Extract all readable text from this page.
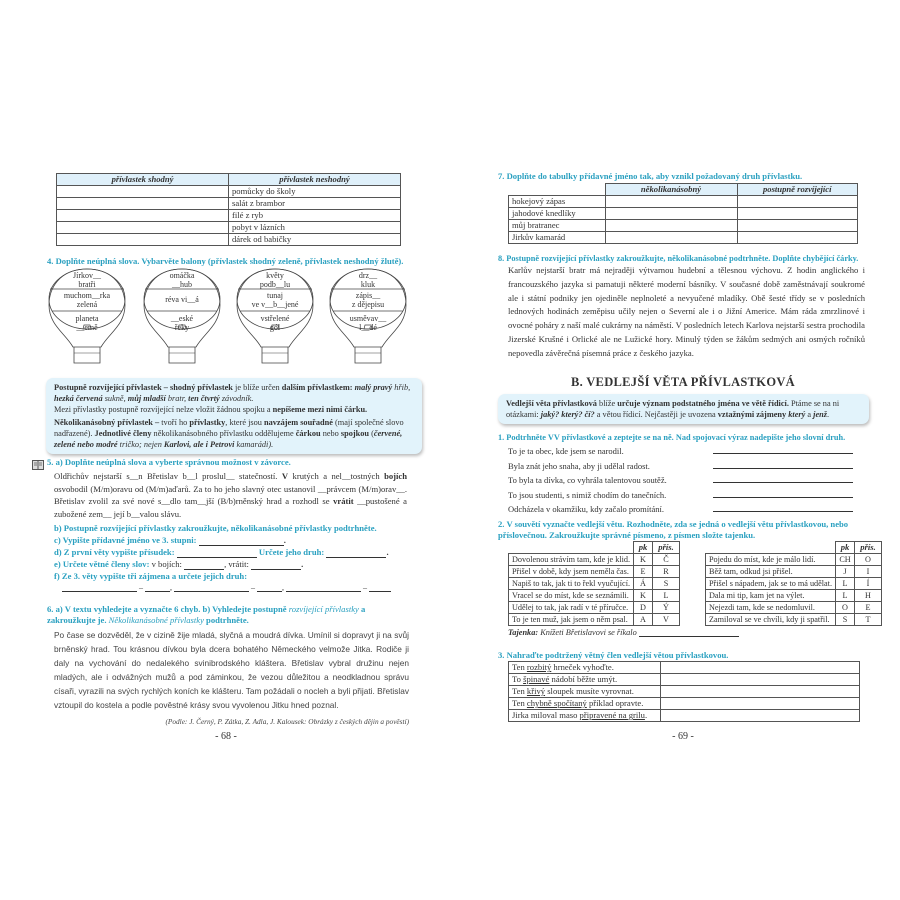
přívlastek shodný	přívlastek neshodný
	pomůcky do školy
	salát z brambor
	filé z ryb
	pobyt v lázních
	dárek od babičky
4. Doplňte neúplná slova. Vybarvěte balony (přívlastek shodný zeleně, přívlastek neshodný žlutě).
Jírkov__
bratři
muchom__rka
zelená
planeta
__emě
omáčka
__hub
réva vi__á
__eské
řeky
květy
podb__lu
tunaj
ve v__b__jené
vstřelené
gól
drz__
kluk
zápis__
z dějepisu
usměvav__
l__dé
Postupně rozvíjející přívlastek – shodný přívlastek je blíže určen dalším přívlastkem: malý pravý hřib, hezká červená sukně, můj mladší bratr, ten čtvrtý závodník.
Mezi přívlastky postupně rozvíjející nelze vložit žádnou spojku a nepíšeme mezi nimi čárku.
Několikanásobný přívlastek – tvoří ho přívlastky, které jsou navzájem souřadné (mají společné slovo nadřazené). Jednotlivé členy několikanásobného přívlastku oddělujeme čárkou nebo spojkou (červené, zelené nebo modré tričko; nejen Karlovi, ale i Petrovi kamarádi).
5. a) Doplňte neúplná slova a vyberte správnou možnost v závorce.
Oldřichův nejstarší s__n Břetislav b__l proslul__ statečností. V krutých a nel__tostných bojích osvobodil (M/m)oravu od (M/m)aďarů. Za to ho jeho slavný otec ustanovil __právcem (M/m)orav__. Břetislav zvolil za své nové s__dlo tam__jší (B/b)rněnský hrad a rozhodl se vrátit __pustošené a zubožené zem__ její b__valou slávu.
b) Postupně rozvíjející přívlastky zakroužkujte, několikanásobné přívlastky podtrhněte.
c) Vypište přídavné jméno ve 3. stupni:	.
d) Z první věty vypište přísudek:	Určete jeho druh:	.
e) Určete větné členy slov: v bojích:	, vrátit:	.
f) Ze 3. věty vypište tři zájmena a určete jejich druh:
–	,	–	,	–
6. a) V textu vyhledejte a vyznačte 6 chyb. b) Vyhledejte postupně rozvíjející přívlastky a zakroužkujte je. Několikanásobné přívlastky podtrhněte.
Po čase se dozvěděl, že v cizině žije mladá, slyčná a moudrá dívka. Umínil si dopravyt ji na svůj brněnský hrad. Tou krásnou dívkou byla dcera bohatého Německého velmože Jitka. Rodiče ji daly na vychování do nedalekého svinibrodského kláštera. Břetislav vybral družinu nejen mladých, ale i odvážných mužů a pod záminkou, že vezou důležitou a neodkladnou správu císaři, vyrazili na svých rychlých koních ke klášteru. Tam požádali o nocleh a byli přijati. Břetislav vztoupil do kostela a podle pověstné krásy svou vyvolenou Jitku hned poznal.
(Podle: J. Černý, P. Zátka, Z. Adla, J. Kalousek: Obrázky z českých dějin a pověstí)
- 68 -
7. Doplňte do tabulky přídavné jméno tak, aby vznikl požadovaný druh přívlastku.
	několikanásobný	postupně rozvíjející
hokejový zápas		
jahodové knedlíky		
můj bratranec		
Jirkův kamarád		
8. Postupně rozvíjející přívlastky zakroužkujte, několikanásobné podtrhněte. Doplňte chybějící čárky.
Karlův nejstarší bratr má nejraději výtvarnou hudební a tělesnou výchovu. Z hodin anglického i francouzského jazyka si pamatuji některé moderní básníky. V současné době zaměstnávají soukromé ale i státní podniky jen ojediněle neplnoleté a nevyučené mladíky. Obě šesté třídy se v posledních lednových hodinách zeměpisu učily nejen o Severní ale i o Jižní Americe. Mám ráda zmrzlinové i ovocné poháry z naší malé cukrárny na náměstí. V posledních letech Karlova nejstarší sestra prochodila Jizerské Krušné i Orlické ale ne Lužické hory. Minulý týden se žákům sedmých ani osmých ročníků nepovedla závěrečná písemná práce z českého jazyka.
B. VEDLEJŠÍ VĚTA PŘÍVLASTKOVÁ
Vedlejší věta přívlastková blíže určuje význam podstatného jména ve větě řídicí. Ptáme se na ni otázkami: jaký? který? čí? a větou řídicí. Nejčastěji je uvozena vztažnými zájmeny který a jenž.
1. Podtrhněte VV přívlastkové a zeptejte se na ně. Nad spojovací výraz nadepište jeho slovní druh.
To je ta obec, kde jsem se narodil.
Byla znát jeho snaha, aby ji udělal radost.
To byla ta dívka, co vyhrála talentovou soutěž.
To jsou studenti, s nimiž chodím do tanečních.
Odcházela v okamžiku, kdy začalo promítání.
2. V souvětí vyznačte vedlejší větu. Rozhodněte, zda se jedná o vedlejší větu přívlastkovou, nebo příslovečnou. Zakroužkujte správné písmeno, z písmen složte tajenku.
	pk	přís.
Dovolenou strávím tam, kde je klid.	K	Č
Přišel v době, kdy jsem neměla čas.	E	R
Napiš to tak, jak ti to řekl vyučující.	Á	S
Vracel se do míst, kde se seznámili.	K	L
Udělej to tak, jak radí v té příručce.	D	Ý
To je ten muž, jak jsem o něm psal.	A	V
	pk	přís.
Pojedu do míst, kde je málo lidí.	CH	O
Běž tam, odkud jsi přišel.	J	I
Přišel s nápadem, jak se to má udělat.	L	Í
Dala mi tip, kam jet na výlet.	L	H
Nejezdi tam, kde se nedomluvil.	O	E
Zamiloval se ve chvíli, kdy ji spatřil.	S	T
Tajenka: Knížeti Břetislavovi se říkalo
3. Nahraďte podtržený větný člen vedlejší větou přívlastkovou.
Ten rozbitý hrneček vyhoďte.	
To špinavé nádobí běžte umýt.	
Ten křivý sloupek musíte vyrovnat.	
Ten chybně spočítaný příklad opravte.	
Jirka miloval maso připravené na grilu.	
- 69 -
